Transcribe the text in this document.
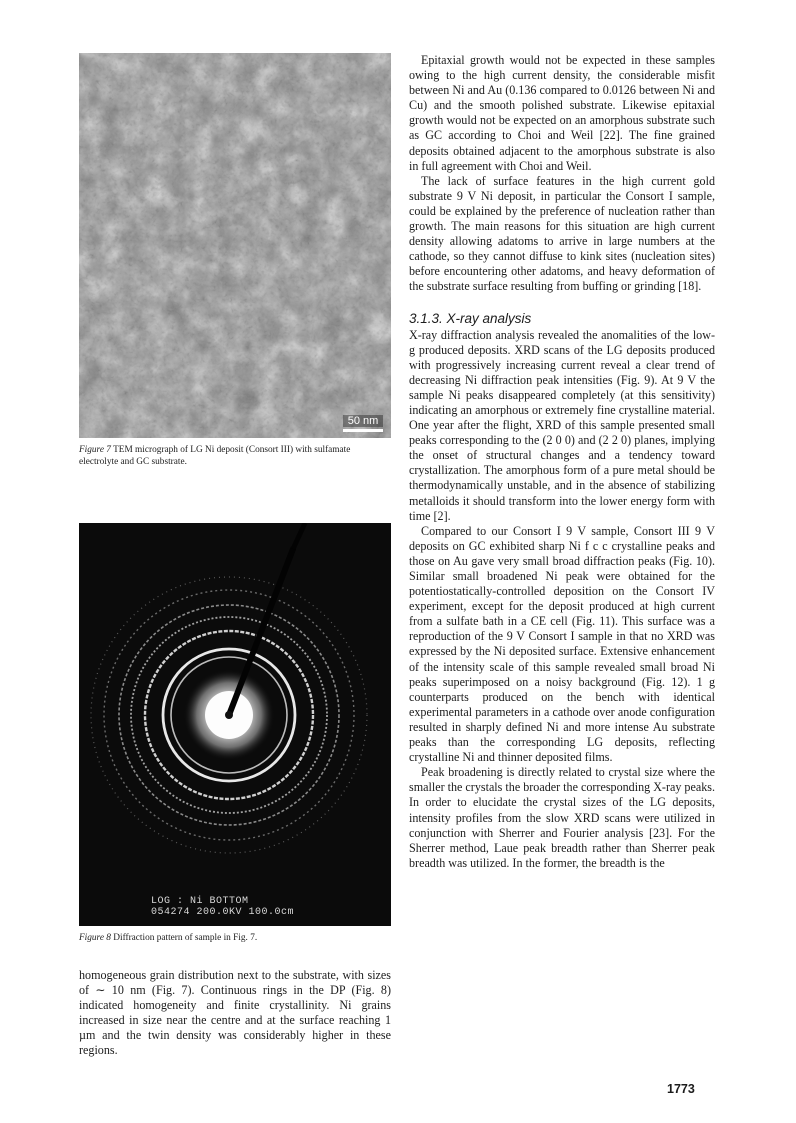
50 nm
Figure 7 TEM micrograph of LG Ni deposit (Consort III) with sulfamate electrolyte and GC substrate.
LOG : Ni BOTTOM
054274 200.0KV 100.0cm
Figure 8 Diffraction pattern of sample in Fig. 7.

homogeneous grain distribution next to the substrate, with sizes of ∼ 10 nm (Fig. 7). Continuous rings in the DP (Fig. 8) indicated homogeneity and finite crystallinity. Ni grains increased in size near the centre and at the surface reaching 1 µm and the twin density was considerably higher in these regions.

Epitaxial growth would not be expected in these samples owing to the high current density, the considerable misfit between Ni and Au (0.136 compared to 0.0126 between Ni and Cu) and the smooth polished substrate. Likewise epitaxial growth would not be expected on an amorphous substrate such as GC according to Choi and Weil [22]. The fine grained deposits obtained adjacent to the amorphous substrate is also in full agreement with Choi and Weil.

The lack of surface features in the high current gold substrate 9 V Ni deposit, in particular the Consort I sample, could be explained by the preference of nucleation rather than growth. The main reasons for this situation are high current density allowing adatoms to arrive in large numbers at the cathode, so they cannot diffuse to kink sites (nucleation sites) before encountering other adatoms, and heavy deformation of the substrate surface resulting from buffing or grinding [18].

3.1.3. X-ray analysis

X-ray diffraction analysis revealed the anomalities of the low-g produced deposits. XRD scans of the LG deposits produced with progressively increasing current reveal a clear trend of decreasing Ni diffraction peak intensities (Fig. 9). At 9 V the sample Ni peaks disappeared completely (at this sensitivity) indicating an amorphous or extremely fine crystalline material. One year after the flight, XRD of this sample presented small peaks corresponding to the (2 0 0) and (2 2 0) planes, implying the onset of structural changes and a tendency toward crystallization. The amorphous form of a pure metal should be thermodynamically unstable, and in the absence of stabilizing metalloids it should transform into the lower energy form with time [2].

Compared to our Consort I 9 V sample, Consort III 9 V deposits on GC exhibited sharp Ni f c c crystalline peaks and those on Au gave very small broad diffraction peaks (Fig. 10). Similar small broadened Ni peak were obtained for the potentiostatically-controlled deposition on the Consort IV experiment, except for the deposit produced at high current from a sulfate bath in a CE cell (Fig. 11). This surface was a reproduction of the 9 V Consort I sample in that no XRD was expressed by the Ni deposited surface. Extensive enhancement of the intensity scale of this sample revealed small broad Ni peaks superimposed on a noisy background (Fig. 12). 1 g counterparts produced on the bench with identical experimental parameters in a cathode over anode configuration resulted in sharply defined Ni and more intense Au substrate peaks than the corresponding LG deposits, reflecting crystalline Ni and thinner deposited films.

Peak broadening is directly related to crystal size where the smaller the crystals the broader the corresponding X-ray peaks. In order to elucidate the crystal sizes of the LG deposits, intensity profiles from the slow XRD scans were utilized in conjunction with Sherrer and Fourier analysis [23]. For the Sherrer method, Laue peak breadth rather than Sherrer peak breadth was utilized. In the former, the breadth is the

1773
